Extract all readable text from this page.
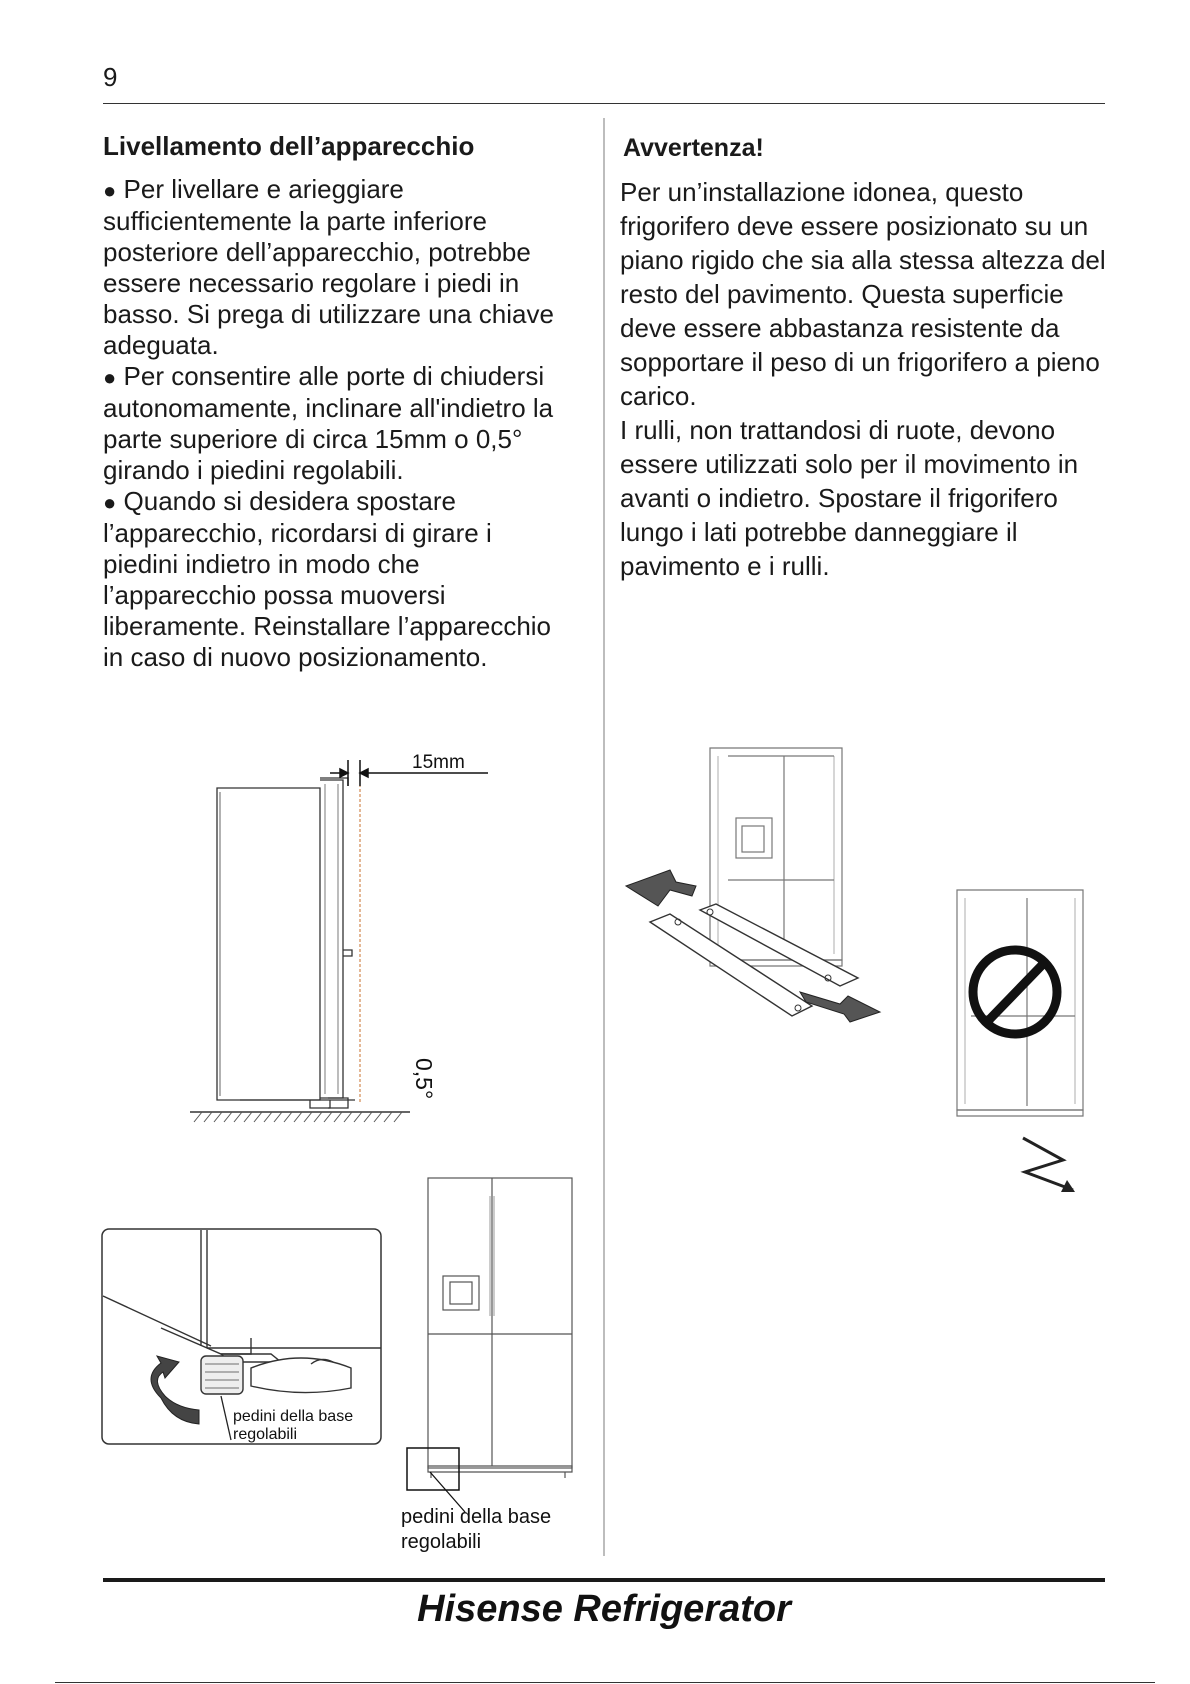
9
Livellamento dell’apparecchio
● Per livellare e arieggiare sufficientemente la parte inferiore posteriore dell’apparecchio, potrebbe essere necessario regolare i piedi in basso. Si prega di utilizzare una chiave adeguata.
● Per consentire alle porte di chiudersi autonomamente, inclinare all'indietro la parte superiore di circa 15mm o 0,5° girando i piedini regolabili.
● Quando si desidera spostare l’apparecchio, ricordarsi di girare i piedini indietro in modo che l’apparecchio possa muoversi liberamente. Reinstallare l’apparecchio in caso di nuovo posizionamento.
Avvertenza!

Per un’installazione idonea, questo frigorifero deve essere posizionato su un piano rigido che sia alla stessa altezza del resto del pavimento. Questa superficie deve essere abbastanza resistente da sopportare il peso di un frigorifero a pieno carico.

I rulli, non trattandosi di ruote, devono essere utilizzati solo per il movimento in avanti o indietro. Spostare il frigorifero lungo i lati potrebbe danneggiare il pavimento e i rulli.

15mm
0,5°
pedini della base
regolabili
pedini della base
regolabili
Hisense Refrigerator
